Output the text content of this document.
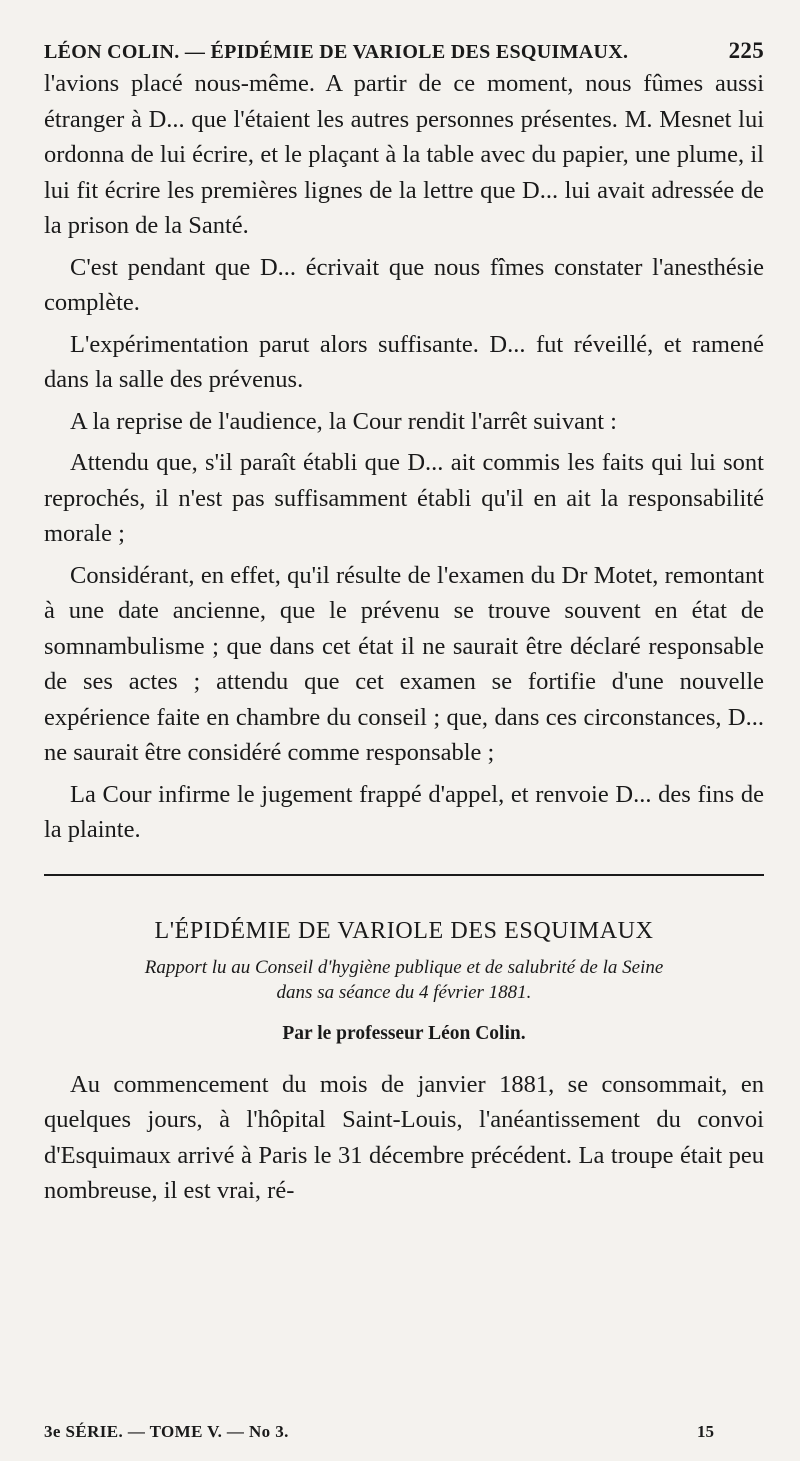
LÉON COLIN. — ÉPIDÉMIE DE VARIOLE DES ESQUIMAUX.	225

l'avions placé nous-même. A partir de ce moment, nous fûmes aussi étranger à D... que l'étaient les autres personnes présentes. M. Mesnet lui ordonna de lui écrire, et le plaçant à la table avec du papier, une plume, il lui fit écrire les premières lignes de la lettre que D... lui avait adressée de la prison de la Santé.

C'est pendant que D... écrivait que nous fîmes constater l'anesthésie complète.

L'expérimentation parut alors suffisante. D... fut réveillé, et ramené dans la salle des prévenus.

A la reprise de l'audience, la Cour rendit l'arrêt suivant :

Attendu que, s'il paraît établi que D... ait commis les faits qui lui sont reprochés, il n'est pas suffisamment établi qu'il en ait la responsabilité morale ;

Considérant, en effet, qu'il résulte de l'examen du Dr Motet, remontant à une date ancienne, que le prévenu se trouve souvent en état de somnambulisme ; que dans cet état il ne saurait être déclaré responsable de ses actes ; attendu que cet examen se fortifie d'une nouvelle expérience faite en chambre du conseil ; que, dans ces circonstances, D... ne saurait être considéré comme responsable ;

La Cour infirme le jugement frappé d'appel, et renvoie D... des fins de la plainte.

L'ÉPIDÉMIE DE VARIOLE DES ESQUIMAUX

Rapport lu au Conseil d'hygiène publique et de salubrité de la Seine

dans sa séance du 4 février 1881.

Par le professeur Léon Colin.

Au commencement du mois de janvier 1881, se consommait, en quelques jours, à l'hôpital Saint-Louis, l'anéantissement du convoi d'Esquimaux arrivé à Paris le 31 décembre précédent. La troupe était peu nombreuse, il est vrai, ré-

3e SÉRIE. — TOME V. — No 3.	15
